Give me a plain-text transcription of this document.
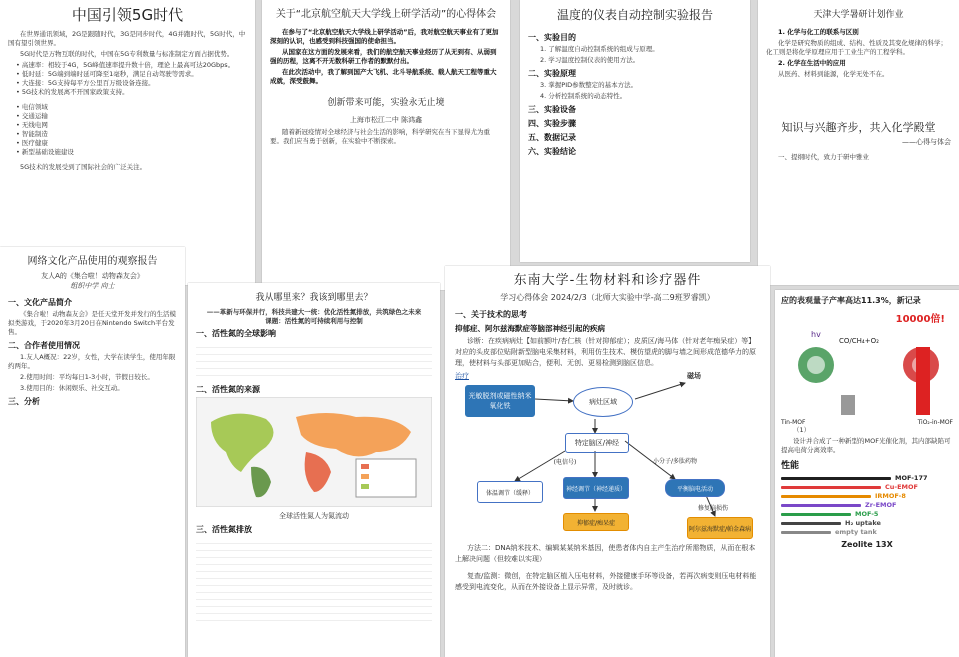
中国引领5G时代

在世界通讯领域，2G是跟随时代，3G是同步时代，4G并跑时代，5G时代，中国有望引领世界。

5G时代是万物互联的时代，中国在5G专利数量与标准制定方面占据优势。

• 高速率：相较于4G，5G峰值速率提升数十倍，理论上最高可达20Gbps。
• 低时延：5G端到端时延可降至1毫秒，满足自动驾驶等需求。
• 大连接：5G支持每平方公里百万级设备连接。
• 5G技术的发展离不开国家政策支持。
• 电信领域
• 交通运输
• 无线电网
• 智能制造
• 医疗健康
• 新型基础设施建设

5G技术的发展受到了国际社会的广泛关注。

关于“北京航空航天大学线上研学活动”的心得体会

在参与了“北京航空航天大学线上研学活动”后，我对航空航天事业有了更加深刻的认识，也感受到科技强国的使命担当。

从国家在这方面的发展来看，我们的航空航天事业经历了从无到有、从弱到强的历程，这离不开无数科研工作者的默默付出。

在此次活动中，我了解到国产大飞机、北斗导航系统、载人航天工程等重大成就，深受鼓舞。

创新带来可能，实验永无止境
上海市松江二中 陈鸿鑫

随着新冠疫情对全球经济与社会生活的影响，科学研究在当下显得尤为重要。我们应当勇于创新，在实验中不断探索。

温度的仪表自动控制实验报告
一、实验目的

1. 了解温度自动控制系统的组成与原理。

2. 学习温度控制仪表的使用方法。

二、实验原理

3. 掌握PID参数整定的基本方法。

4. 分析控制系统的动态特性。

三、实验设备
四、实验步骤
五、数据记录
六、实验结论
天津大学暑研计划作业

1. 化学与化工的联系与区别

化学是研究物质的组成、结构、性质及其变化规律的科学；化工则是将化学原理应用于工业生产的工程学科。

2. 化学在生活中的应用

从医药、材料到能源，化学无处不在。

知识与兴趣齐步，共入化学殿堂
——心得与体会

一、提纲时代，致力于研中雅业

网络文化产品使用的观察报告
友人A的《集合啦！动物森友会》
组织中学 向士
一、文化产品简介

《集合啦！动物森友会》是任天堂开发并发行的生活模拟类游戏，于2020年3月20日在Nintendo Switch平台发售。

二、合作者使用情况

1.友人A概况：22岁，女性，大学在读学生，使用年限约两年。

2.使用时间：平均每日1-3小时，节假日较长。

3.使用目的：休闲娱乐、社交互动。

三、分析
我从哪里来？我该到哪里去？
——革新与环保并行，科技共建大一统：优化活性氮排放，共筑绿色之未来
课题：活性氮的可持续利用与控制
一、活性氮的全球影响
二、活性氮的来源
全球活性氮人为氮流动
三、活性氮排放
东南大学-生物材料和诊疗器件
学习心得体会 2024/2/3（北师大实验中学-高二9班罗睿凯）
一、关于技术的思考
抑郁症、阿尔兹海默症等脑部神经引起的疾病

诊断：在疾病病灶【如前额叶/杏仁核（针对抑郁症）；皮质区/海马体（针对老年痴呆症）等】对应的头皮部位贴附新型脑电采集材料，利用仿生技术、模仿望虎的脚与墙之间形成范德华力的原理，使材料与头部更加贴合，便利、无创、更易检测到脑区信息。

治疗
光敏脱剂或磁性纳米氧化铁	病灶区域
磁场
特定脑区/神经
(电信号)	小分子/多肽药物
体温调节（缓释）
神经调节（神经递质）	平衡脑电活动
修复脑损伤
抑郁症/痴呆症
阿尔兹海默症/帕金森病

方法二：DNA纳米技术、编辑某某纳米基因，使患者体内自主产生治疗所需物质，从而在根本上解决问题（但较难以实现）

复查/监测：微创，在特定脑区植入压电材料，外接健康手环等设备，若再次病变则压电材料能感受到电流变化，从而在外接设备上显示异常，及时就诊。

应的表观量子产率高达11.3%，新记录
10000倍!
hv
CO/CH₄+O₂
Tin-MOF	TiO₂-in-MOF

（1）

设计并合成了一种新型的MOF光催化剂，其内部缺陷可提高电荷分离效率。

性能
MOF-177
Cu-EMOF
IRMOF-8
Zr-EMOF
MOF-5
H₂ uptake
empty tank
Zeolite 13X
